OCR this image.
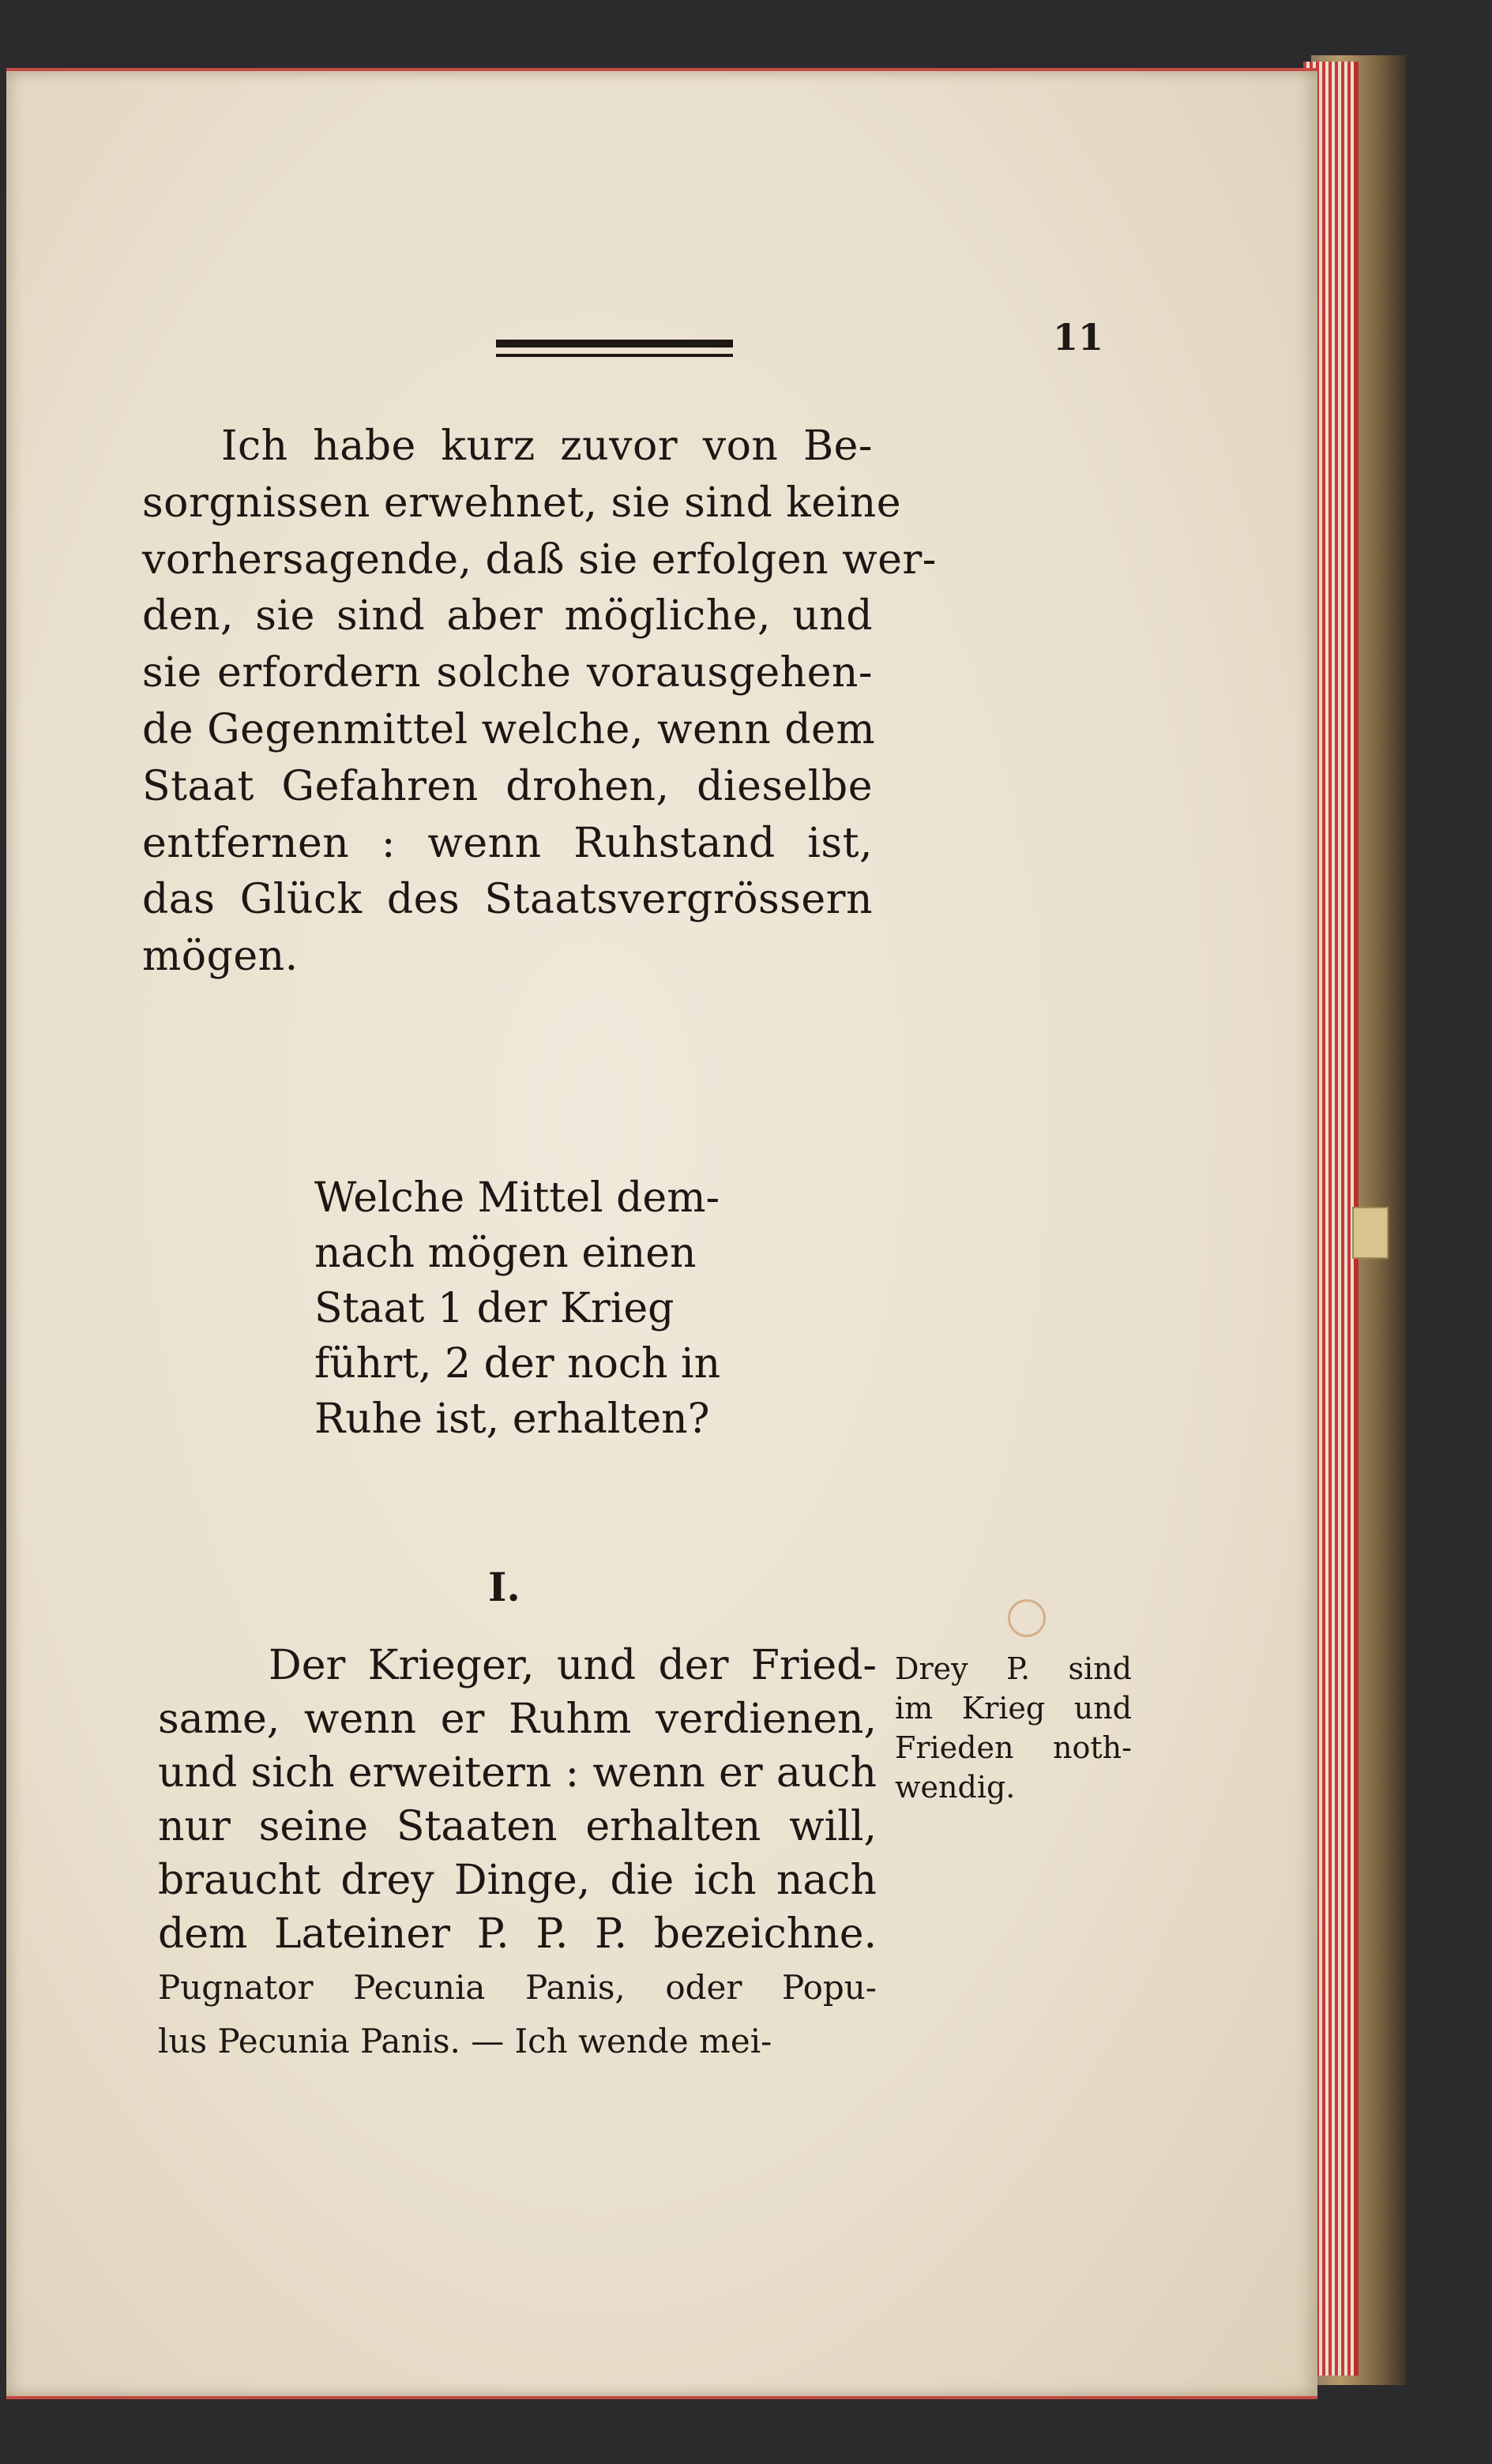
11
Ich habe kurz zuvor von Be-
sorgnissen erwehnet, sie sind keine
vorhersagende, daß sie erfolgen wer-
den, sie sind aber mögliche, und
sie erfordern solche vorausgehen-
de Gegenmittel welche, wenn dem
Staat Gefahren drohen, dieselbe
entfernen : wenn Ruhstand ist,
das Glück des Staatsvergrössern
mögen.
Welche Mittel dem-
nach mögen einen
Staat 1 der Krieg
führt, 2 der noch in
Ruhe ist, erhalten?
I.
Der Krieger, und der Fried-
same, wenn er Ruhm verdienen,
und sich erweitern : wenn er auch
nur seine Staaten erhalten will,
braucht drey Dinge, die ich nach
dem Lateiner P. P. P. bezeichne.
Pugnator Pecunia Panis, oder Popu-
lus Pecunia Panis. — Ich wende mei-
Drey P. sind
im Krieg und
Frieden noth-
wendig.
